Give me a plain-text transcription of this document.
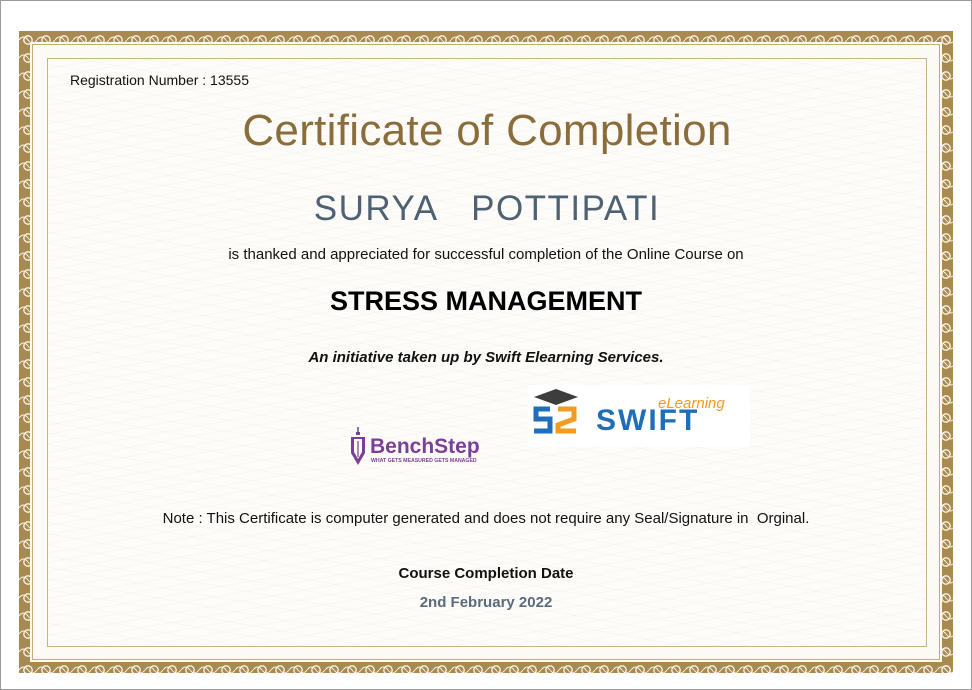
Registration Number : 13555
Certificate of Completion
SURYA  POTTIPATI
is thanked and appreciated for successful completion of the Online Course on
STRESS MANAGEMENT
An initiative taken up by Swift Elearning Services.
BenchStep
WHAT GETS MEASURED GETS MANAGED
eLearning
SWIFT
Note : This Certificate is computer generated and does not require any Seal/Signature in  Orginal.
Course Completion Date
2nd February 2022
